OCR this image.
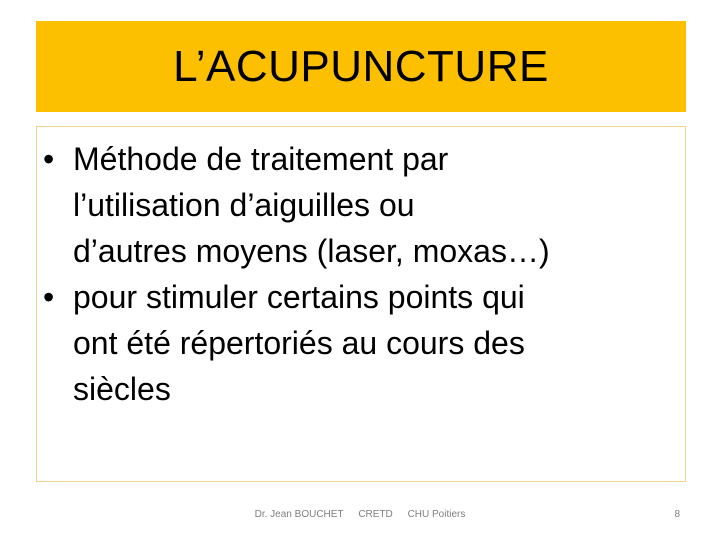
L’ACUPUNCTURE
• Méthode de traitement par
l’utilisation d’aiguilles ou
d’autres moyens (laser, moxas…)
• pour stimuler certains points qui
ont été répertoriés au cours des
siècles
Dr. Jean BOUCHET CRETD CHU Poitiers	8
